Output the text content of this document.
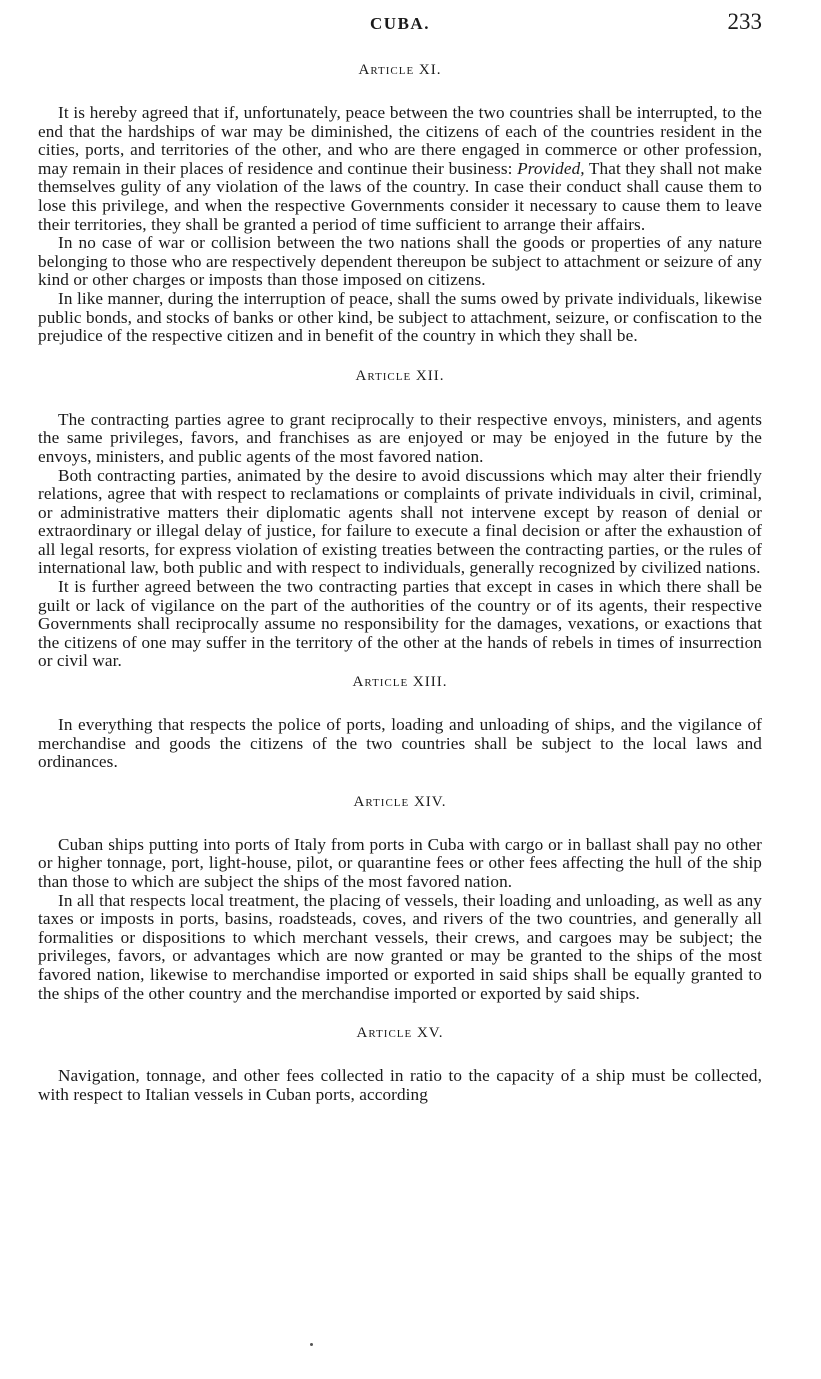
CUBA.	233
Article XI.

It is hereby agreed that if, unfortunately, peace between the two countries shall be interrupted, to the end that the hardships of war may be diminished, the citizens of each of the countries resident in the cities, ports, and territories of the other, and who are there engaged in commerce or other profession, may remain in their places of residence and continue their business: Provided, That they shall not make themselves gulity of any violation of the laws of the country. In case their conduct shall cause them to lose this privilege, and when the respective Governments consider it necessary to cause them to leave their territories, they shall be granted a period of time sufficient to arrange their affairs.

In no case of war or collision between the two nations shall the goods or properties of any nature belonging to those who are respectively dependent thereupon be subject to attachment or seizure of any kind or other charges or imposts than those imposed on citizens.

In like manner, during the interruption of peace, shall the sums owed by private individuals, likewise public bonds, and stocks of banks or other kind, be subject to attachment, seizure, or confiscation to the prejudice of the respective citizen and in benefit of the country in which they shall be.

Article XII.

The contracting parties agree to grant reciprocally to their respective envoys, ministers, and agents the same privileges, favors, and franchises as are enjoyed or may be enjoyed in the future by the envoys, ministers, and public agents of the most favored nation.

Both contracting parties, animated by the desire to avoid discussions which may alter their friendly relations, agree that with respect to reclamations or complaints of private individuals in civil, criminal, or administrative matters their diplomatic agents shall not intervene except by reason of denial or extraordinary or illegal delay of justice, for failure to execute a final decision or after the exhaustion of all legal resorts, for express violation of existing treaties between the contracting parties, or the rules of international law, both public and with respect to individuals, generally recognized by civilized nations.

It is further agreed between the two contracting parties that except in cases in which there shall be guilt or lack of vigilance on the part of the authorities of the country or of its agents, their respective Governments shall reciprocally assume no responsibility for the damages, vexations, or exactions that the citizens of one may suffer in the territory of the other at the hands of rebels in times of insurrection or civil war.

Article XIII.

In everything that respects the police of ports, loading and unloading of ships, and the vigilance of merchandise and goods the citizens of the two countries shall be subject to the local laws and ordinances.

Article XIV.

Cuban ships putting into ports of Italy from ports in Cuba with cargo or in ballast shall pay no other or higher tonnage, port, light-house, pilot, or quarantine fees or other fees affecting the hull of the ship than those to which are subject the ships of the most favored nation.

In all that respects local treatment, the placing of vessels, their loading and unloading, as well as any taxes or imposts in ports, basins, roadsteads, coves, and rivers of the two countries, and generally all formalities or dispositions to which merchant vessels, their crews, and cargoes may be subject; the privileges, favors, or advantages which are now granted or may be granted to the ships of the most favored nation, likewise to merchandise imported or exported in said ships shall be equally granted to the ships of the other country and the merchandise imported or exported by said ships.

Article XV.

Navigation, tonnage, and other fees collected in ratio to the capacity of a ship must be collected, with respect to Italian vessels in Cuban ports, according
